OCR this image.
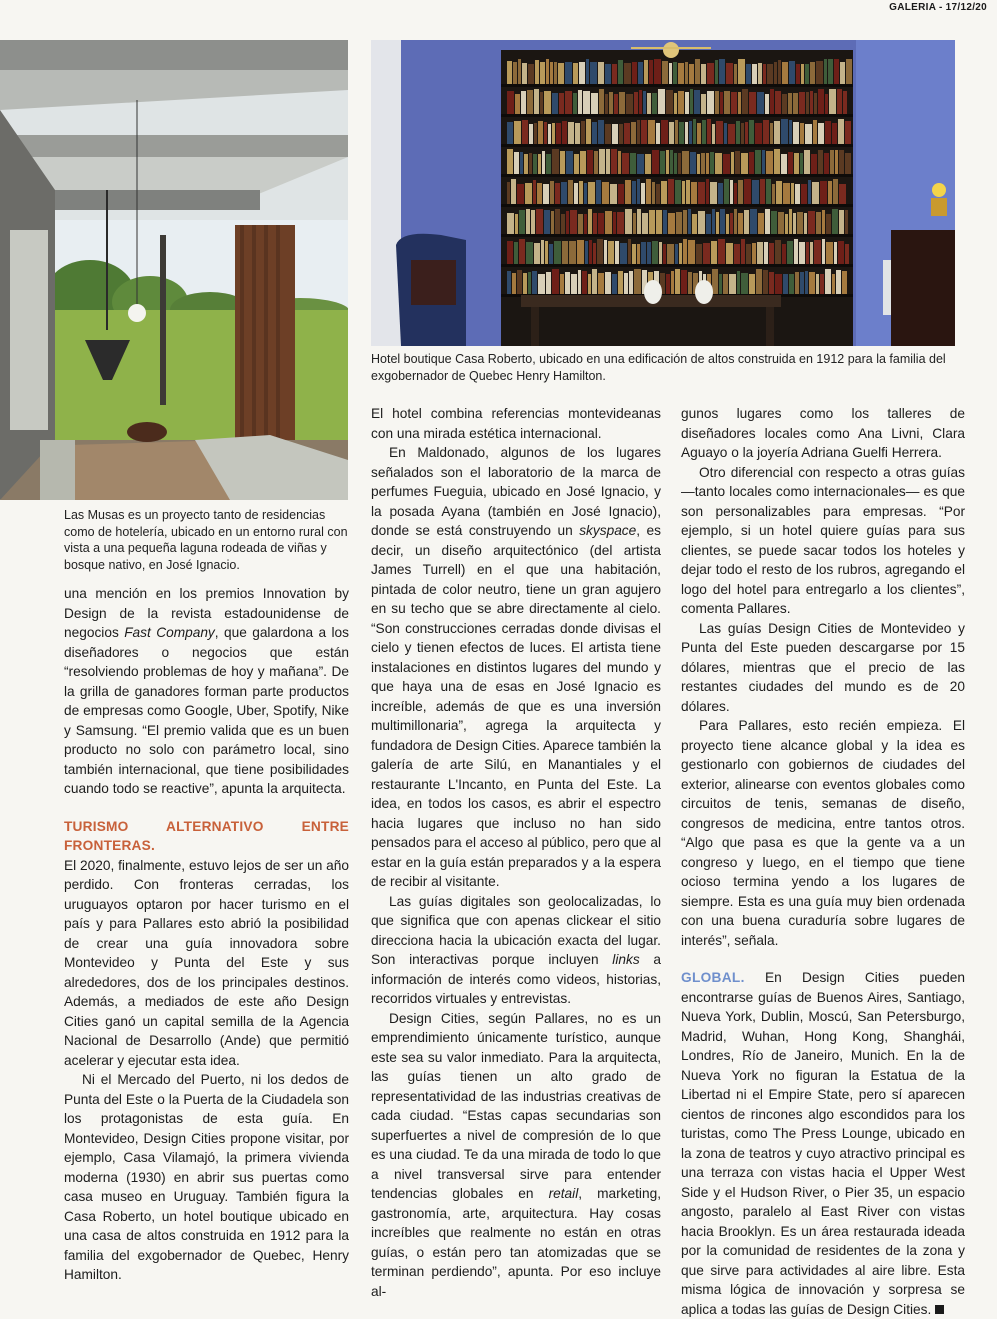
GALERIA - 17/12/20
Las Musas es un proyecto tanto de residencias como de hotelería, ubicado en un entorno rural con vista a una pequeña laguna rodeada de viñas y bosque nativo, en José Ignacio.
Hotel boutique Casa Roberto, ubicado en una edificación de altos construida en 1912 para la familia del exgobernador de Quebec Henry Hamilton.

una mención en los premios Innovation by Design de la revista estadounidense de negocios Fast Company, que galardona a los diseñadores o negocios que están “resolviendo problemas de hoy y mañana”. De la grilla de ganadores forman parte productos de empresas como Google, Uber, Spotify, Nike y Samsung. “El premio valida que es un buen producto no solo con parámetro local, sino también internacional, que tiene posibilidades cuando todo se reactive”, apunta la arquitecta.

TURISMO ALTERNATIVO ENTRE FRONTERAS.

El 2020, finalmente, estuvo lejos de ser un año perdido. Con fronteras cerradas, los uruguayos optaron por hacer turismo en el país y para Pallares esto abrió la posibilidad de crear una guía innovadora sobre Montevideo y Punta del Este y sus alrededores, dos de los principales destinos. Además, a mediados de este año Design Cities ganó un capital semilla de la Agencia Nacional de Desarrollo (Ande) que permitió acelerar y ejecutar esta idea.

Ni el Mercado del Puerto, ni los dedos de Punta del Este o la Puerta de la Ciudadela son los protagonistas de esta guía. En Montevideo, Design Cities propone visitar, por ejemplo, Casa Vilamajó, la primera vivienda moderna (1930) en abrir sus puertas como casa museo en Uruguay. También figura la Casa Roberto, un hotel boutique ubicado en una casa de altos construida en 1912 para la familia del exgobernador de Quebec, Henry Hamilton.

El hotel combina referencias montevideanas con una mirada estética internacional.

En Maldonado, algunos de los lugares señalados son el laboratorio de la marca de perfumes Fueguia, ubicado en José Ignacio, y la posada Ayana (también en José Ignacio), donde se está construyendo un skyspace, es decir, un diseño arquitectónico (del artista James Turrell) en el que una habitación, pintada de color neutro, tiene un gran agujero en su techo que se abre directamente al cielo. “Son construcciones cerradas donde divisas el cielo y tienen efectos de luces. El artista tiene instalaciones en distintos lugares del mundo y que haya una de esas en José Ignacio es increíble, además de que es una inversión multimillonaria”, agrega la arquitecta y fundadora de Design Cities. Aparece también la galería de arte Silú, en Manantiales y el restaurante L'Incanto, en Punta del Este. La idea, en todos los casos, es abrir el espectro hacia lugares que incluso no han sido pensados para el acceso al público, pero que al estar en la guía están preparados y a la espera de recibir al visitante.

Las guías digitales son geolocalizadas, lo que significa que con apenas clickear el sitio direcciona hacia la ubicación exacta del lugar. Son interactivas porque incluyen links a información de interés como videos, historias, recorridos virtuales y entrevistas.

Design Cities, según Pallares, no es un emprendimiento únicamente turístico, aunque este sea su valor inmediato. Para la arquitecta, las guías tienen un alto grado de representatividad de las industrias creativas de cada ciudad. “Estas capas secundarias son superfuertes a nivel de compresión de lo que es una ciudad. Te da una mirada de todo lo que a nivel transversal sirve para entender tendencias globales en retail, marketing, gastronomía, arte, arquitectura. Hay cosas increíbles que realmente no están en otras guías, o están pero tan atomizadas que se terminan perdiendo”, apunta. Por eso incluye al-

gunos lugares como los talleres de diseñadores locales como Ana Livni, Clara Aguayo o la joyería Adriana Guelfi Herrera.

Otro diferencial con respecto a otras guías —tanto locales como internacionales— es que son personalizables para empresas. “Por ejemplo, si un hotel quiere guías para sus clientes, se puede sacar todos los hoteles y dejar todo el resto de los rubros, agregando el logo del hotel para entregarlo a los clientes”, comenta Pallares.

Las guías Design Cities de Montevideo y Punta del Este pueden descargarse por 15 dólares, mientras que el precio de las restantes ciudades del mundo es de 20 dólares.

Para Pallares, esto recién empieza. El proyecto tiene alcance global y la idea es gestionarlo con gobiernos de ciudades del exterior, alinearse con eventos globales como circuitos de tenis, semanas de diseño, congresos de medicina, entre tantos otros. “Algo que pasa es que la gente va a un congreso y luego, en el tiempo que tiene ocioso termina yendo a los lugares de siempre. Esta es una guía muy bien ordenada con una buena curaduría sobre lugares de interés”, señala.

GLOBAL. En Design Cities pueden encontrarse guías de Buenos Aires, Santiago, Nueva York, Dublin, Moscú, San Petersburgo, Madrid, Wuhan, Hong Kong, Shanghái, Londres, Río de Janeiro, Munich. En la de Nueva York no figuran la Estatua de la Libertad ni el Empire State, pero sí aparecen cientos de rincones algo escondidos para los turistas, como The Press Lounge, ubicado en la zona de teatros y cuyo atractivo principal es una terraza con vistas hacia el Upper West Side y el Hudson River, o Pier 35, un espacio angosto, paralelo al East River con vistas hacia Brooklyn. Es un área restaurada ideada por la comunidad de residentes de la zona y que sirve para actividades al aire libre. Esta misma lógica de innovación y sorpresa se aplica a todas las guías de Design Cities.
